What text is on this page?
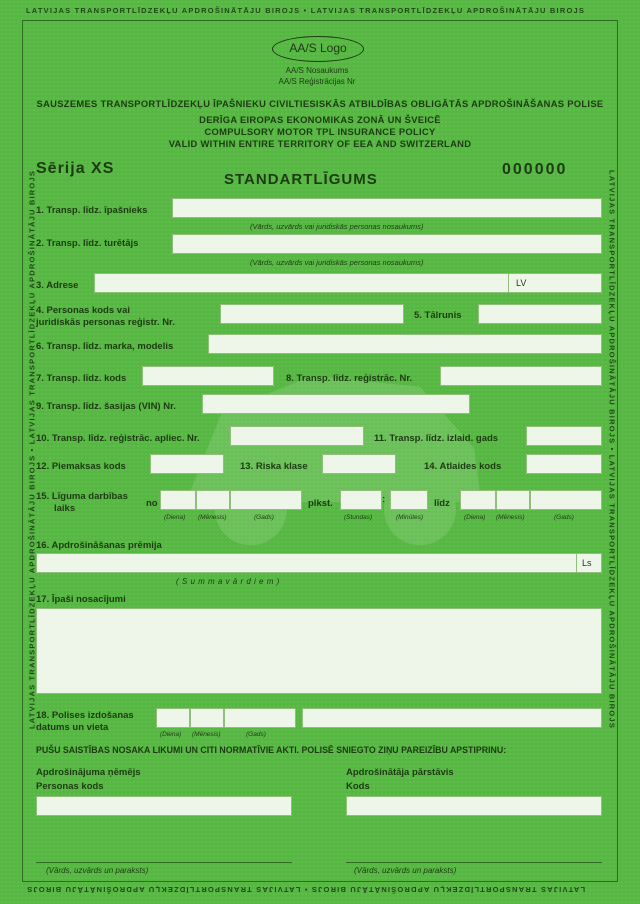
LATVIJAS TRANSPORTLĪDZEKĻU APDROŠINĀTĀJU BIROJS • LATVIJAS TRANSPORTLĪDZEKĻU APDROŠINĀTĀJU BIROJS
LATVIJAS TRANSPORTLĪDZEKĻU APDROŠINĀTĀJU BIROJS • LATVIJAS TRANSPORTLĪDZEKĻU APDROŠINĀTĀJU BIROJS
LATVIJAS TRANSPORTLĪDZEKĻU APDROŠINĀTĀJU BIROJS • LATVIJAS TRANSPORTLĪDZEKĻU APDROŠINĀTĀJU BIROJS	LATVIJAS TRANSPORTLĪDZEKĻU APDROŠINĀTĀJU BIROJS • LATVIJAS TRANSPORTLĪDZEKĻU APDROŠINĀTĀJU BIROJS
AA/S Logo
AA/S Nosaukums
AA/S Reģistrācijas Nr
SAUSZEMES TRANSPORTLĪDZEKĻU ĪPAŠNIEKU CIVILTIESISKĀS ATBILDĪBAS OBLIGĀTĀS APDROŠINĀŠANAS POLISE
DERĪGA EIROPAS EKONOMIKAS ZONĀ UN ŠVEICĒ
COMPULSORY MOTOR TPL INSURANCE POLICY
VALID WITHIN ENTIRE TERRITORY OF EEA AND SWITZERLAND
Sērija XS	000000
STANDARTLĪGUMS
1. Transp. līdz. īpašnieks
(Vārds, uzvārds vai juridiskās personas nosaukums)
2. Transp. līdz. turētājs
(Vārds, uzvārds vai juridiskās personas nosaukums)
3. Adrese	LV
4. Personas kods vai
juridiskās personas reģistr. Nr.
5. Tālrunis
6. Transp. līdz. marka, modelis
7. Transp. līdz. kods	8. Transp. līdz. reģistrāc. Nr.
9. Transp. līdz. šasijas (VIN) Nr.
10. Transp. līdz. reģistrāc. apliec. Nr.	11. Transp. līdz. izlaid. gads
12. Piemaksas kods	13. Riska klase	14. Atlaides kods
15. Līguma darbības
laiks	no
(Diena) (Mēnesis)	(Gads)
plkst.	:
(Stundas)	(Minūtes)
līdz
(Diena) (Mēnesis)	(Gads)
16. Apdrošināšanas prēmija
Ls
( S u m m a v ā r d i e m )
17. Īpaši nosacījumi
18. Polises izdošanas
datums un vieta
(Diena) (Mēnesis)	(Gads)
PUŠU SAISTĪBAS NOSAKA LIKUMI UN CITI NORMATĪVIE AKTI. POLISĒ SNIEGTO ZIŅU PAREIZĪBU APSTIPRINU:
Apdrošinājuma ņēmējs
Personas kods
Apdrošinātāja pārstāvis
Kods
(Vārds, uzvārds un paraksts)	(Vārds, uzvārds un paraksts)
